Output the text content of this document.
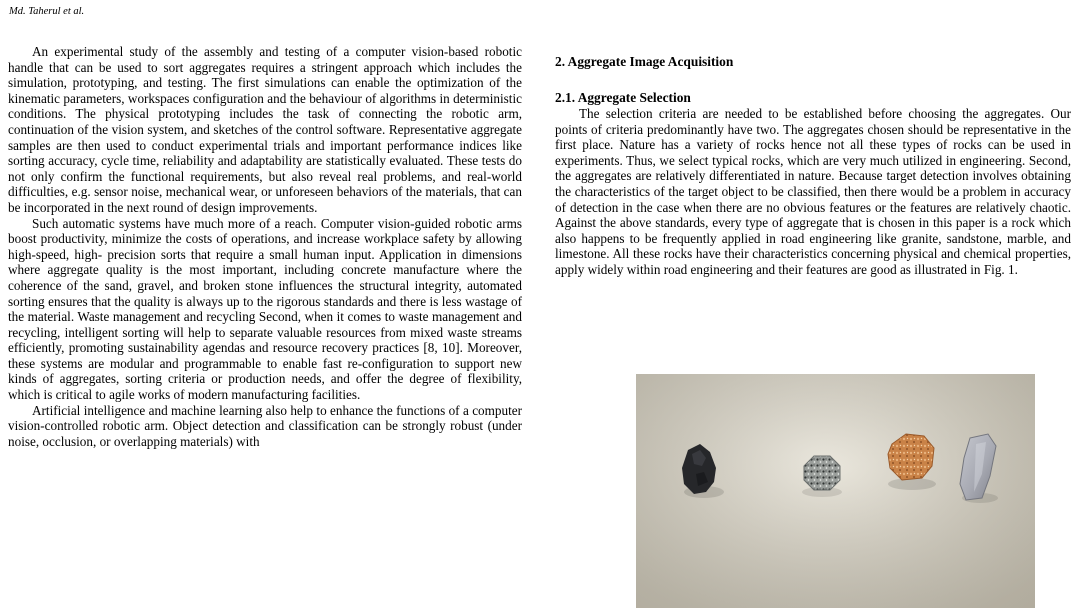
Md. Taherul et al.

An experimental study of the assembly and testing of a computer vision-based robotic handle that can be used to sort aggregates requires a stringent approach which includes the simulation, prototyping, and testing. The first simulations can enable the optimization of the kinematic parameters, workspaces configuration and the behaviour of algorithms in deterministic conditions. The physical prototyping includes the task of connecting the robotic arm, continuation of the vision system, and sketches of the control software. Representative aggregate samples are then used to conduct experimental trials and important performance indices like sorting accuracy, cycle time, reliability and adaptability are statistically evaluated. These tests do not only confirm the functional requirements, but also reveal real problems, and real-world difficulties, e.g. sensor noise, mechanical wear, or unforeseen behaviors of the materials, that can be incorporated in the next round of design improvements.

Such automatic systems have much more of a reach. Computer vision-guided robotic arms boost productivity, minimize the costs of operations, and increase workplace safety by allowing high-speed, high- precision sorts that require a small human input. Application in dimensions where aggregate quality is the most important, including concrete manufacture where the coherence of the sand, gravel, and broken stone influences the structural integrity, automated sorting ensures that the quality is always up to the rigorous standards and there is less wastage of the material. Waste management and recycling Second, when it comes to waste management and recycling, intelligent sorting will help to separate valuable resources from mixed waste streams efficiently, promoting sustainability agendas and resource recovery practices [8, 10]. Moreover, these systems are modular and programmable to enable fast re-configuration to support new kinds of aggregates, sorting criteria or production needs, and offer the degree of flexibility, which is critical to agile works of modern manufacturing facilities.

Artificial intelligence and machine learning also help to enhance the functions of a computer vision-controlled robotic arm. Object detection and classification can be strongly robust (under noise, occlusion, or overlapping materials) with

2. Aggregate Image Acquisition
2.1. Aggregate Selection

The selection criteria are needed to be established before choosing the aggregates. Our points of criteria predominantly have two. The aggregates chosen should be representative in the first place. Nature has a variety of rocks hence not all these types of rocks can be used in experiments. Thus, we select typical rocks, which are very much utilized in engineering. Second, the aggregates are relatively differentiated in nature. Because target detection involves obtaining the characteristics of the target object to be classified, then there would be a problem in accuracy of detection in the case when there are no obvious features or the features are relatively chaotic. Against the above standards, every type of aggregate that is chosen in this paper is a rock which also happens to be frequently applied in road engineering like granite, sandstone, marble, and limestone. All these rocks have their characteristics concerning physical and chemical properties, apply widely within road engineering and their features are good as illustrated in Fig. 1.
